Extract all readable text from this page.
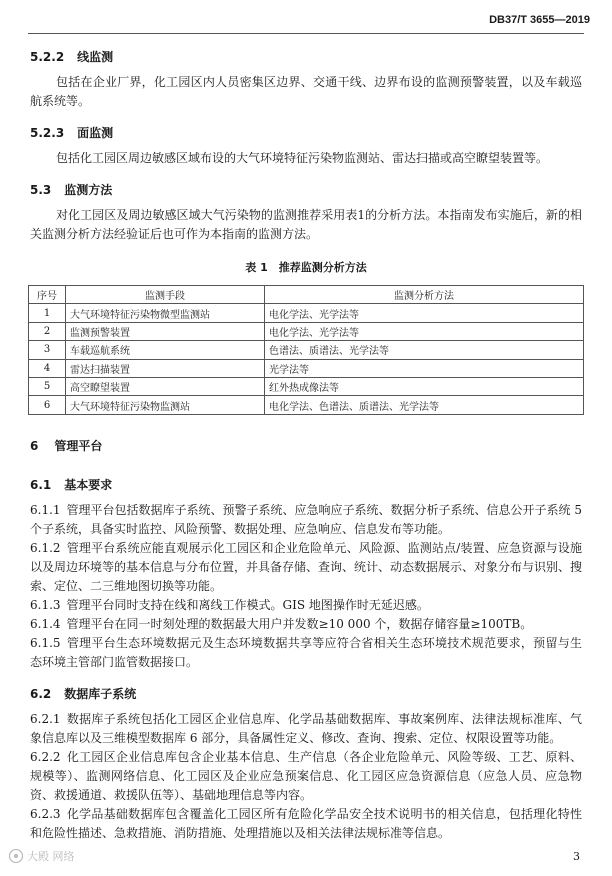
DB37/T 3655—2019
5.2.2 线监测
包括在企业厂界，化工园区内人员密集区边界、交通干线、边界布设的监测预警装置，以及车载巡航系统等。
5.2.3 面监测
包括化工园区周边敏感区域布设的大气环境特征污染物监测站、雷达扫描或高空瞭望装置等。
5.3 监测方法
对化工园区及周边敏感区域大气污染物的监测推荐采用表1的分析方法。本指南发布实施后，新的相关监测分析方法经验证后也可作为本指南的监测方法。
表 1　推荐监测分析方法
序号	监测手段	监测分析方法
1	大气环境特征污染物微型监测站	电化学法、光学法等
2	监测预警装置	电化学法、光学法等
3	车载巡航系统	色谱法、质谱法、光学法等
4	雷达扫描装置	光学法等
5	高空瞭望装置	红外热成像法等
6	大气环境特征污染物监测站	电化学法、色谱法、质谱法、光学法等
6 管理平台
6.1 基本要求
6.1.1 管理平台包括数据库子系统、预警子系统、应急响应子系统、数据分析子系统、信息公开子系统 5 个子系统，具备实时监控、风险预警、数据处理、应急响应、信息发布等功能。
6.1.2 管理平台系统应能直观展示化工园区和企业危险单元、风险源、监测站点/装置、应急资源与设施以及周边环境等的基本信息与分布位置，并具备存储、查询、统计、动态数据展示、对象分布与识别、搜索、定位、二三维地图切换等功能。
6.1.3 管理平台同时支持在线和离线工作模式。GIS 地图操作时无延迟感。
6.1.4 管理平台在同一时刻处理的数据最大用户并发数≥10 000 个，数据存储容量≥100TB。
6.1.5 管理平台生态环境数据元及生态环境数据共享等应符合省相关生态环境技术规范要求，预留与生态环境主管部门监管数据接口。
6.2 数据库子系统
6.2.1 数据库子系统包括化工园区企业信息库、化学品基础数据库、事故案例库、法律法规标准库、气象信息库以及三维模型数据库 6 部分，具备属性定义、修改、查询、搜索、定位、权限设置等功能。
6.2.2 化工园区企业信息库包含企业基本信息、生产信息（各企业危险单元、风险等级、工艺、原料、规模等）、监测网络信息、化工园区及企业应急预案信息、化工园区应急资源信息（应急人员、应急物资、救援通道、救援队伍等）、基础地理信息等内容。
6.2.3 化学品基础数据库包含覆盖化工园区所有危险化学品安全技术说明书的相关信息，包括理化特性和危险性描述、急救措施、消防措施、处理措施以及相关法律法规标准等信息。
大殿 网络	3
